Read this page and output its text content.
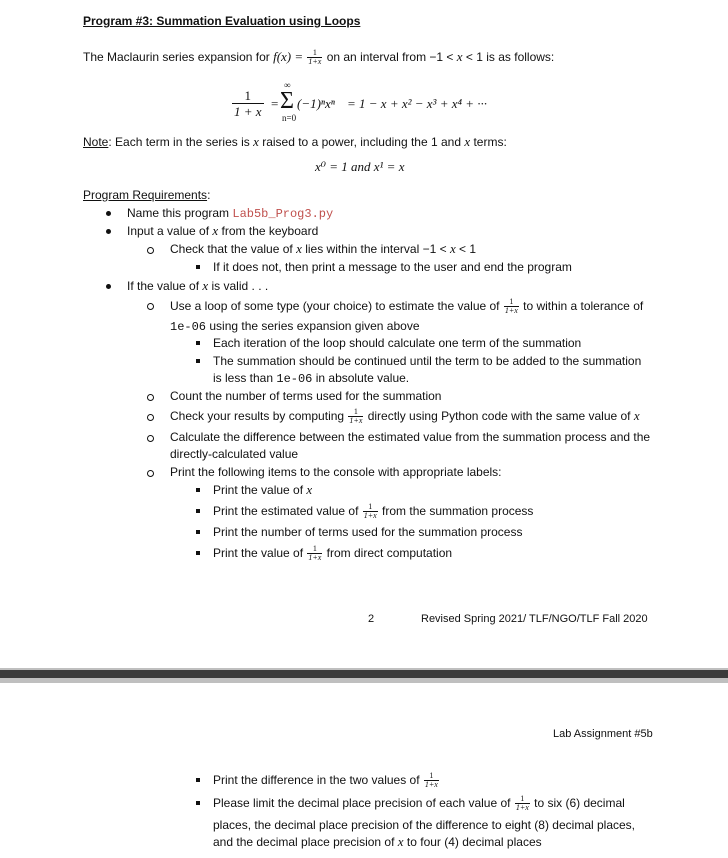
Program #3: Summation Evaluation using Loops
The Maclaurin series expansion for $f(x) = \frac{1}{1+x}$ on an interval from −1 < x < 1 is as follows:
$\frac{1}{1 + x}$ =
∞
Σ
n=0
(−1)ⁿxⁿ = 1 − x + x² − x³ + x⁴ + ···
Note: Each term in the series is x raised to a power, including the 1 and x terms:
x⁰ = 1 and x¹ = x
Program Requirements:
Name this program Lab5b_Prog3.py
Input a value of x from the keyboard
Check that the value of x lies within the interval −1 < x < 1
If it does not, then print a message to the user and end the program
If the value of x is valid . . .
Use a loop of some type (your choice) to estimate the value of $\frac{1}{1+x}$ to within a tolerance of
1e-06 using the series expansion given above
Each iteration of the loop should calculate one term of the summation
The summation should be continued until the term to be added to the summation
is less than 1e-06 in absolute value.
Count the number of terms used for the summation
Check your results by computing $\frac{1}{1+x}$ directly using Python code with the same value of x
Calculate the difference between the estimated value from the summation process and the
directly-calculated value
Print the following items to the console with appropriate labels:
Print the value of x
Print the estimated value of $\frac{1}{1+x}$ from the summation process
Print the number of terms used for the summation process
Print the value of $\frac{1}{1+x}$ from direct computation
2	Revised Spring 2021/ TLF/NGO/TLF Fall 2020
Lab Assignment #5b
Print the difference in the two values of $\frac{1}{1+x}$
Please limit the decimal place precision of each value of $\frac{1}{1+x}$ to six (6) decimal
places, the decimal place precision of the difference to eight (8) decimal places,
and the decimal place precision of x to four (4) decimal places
